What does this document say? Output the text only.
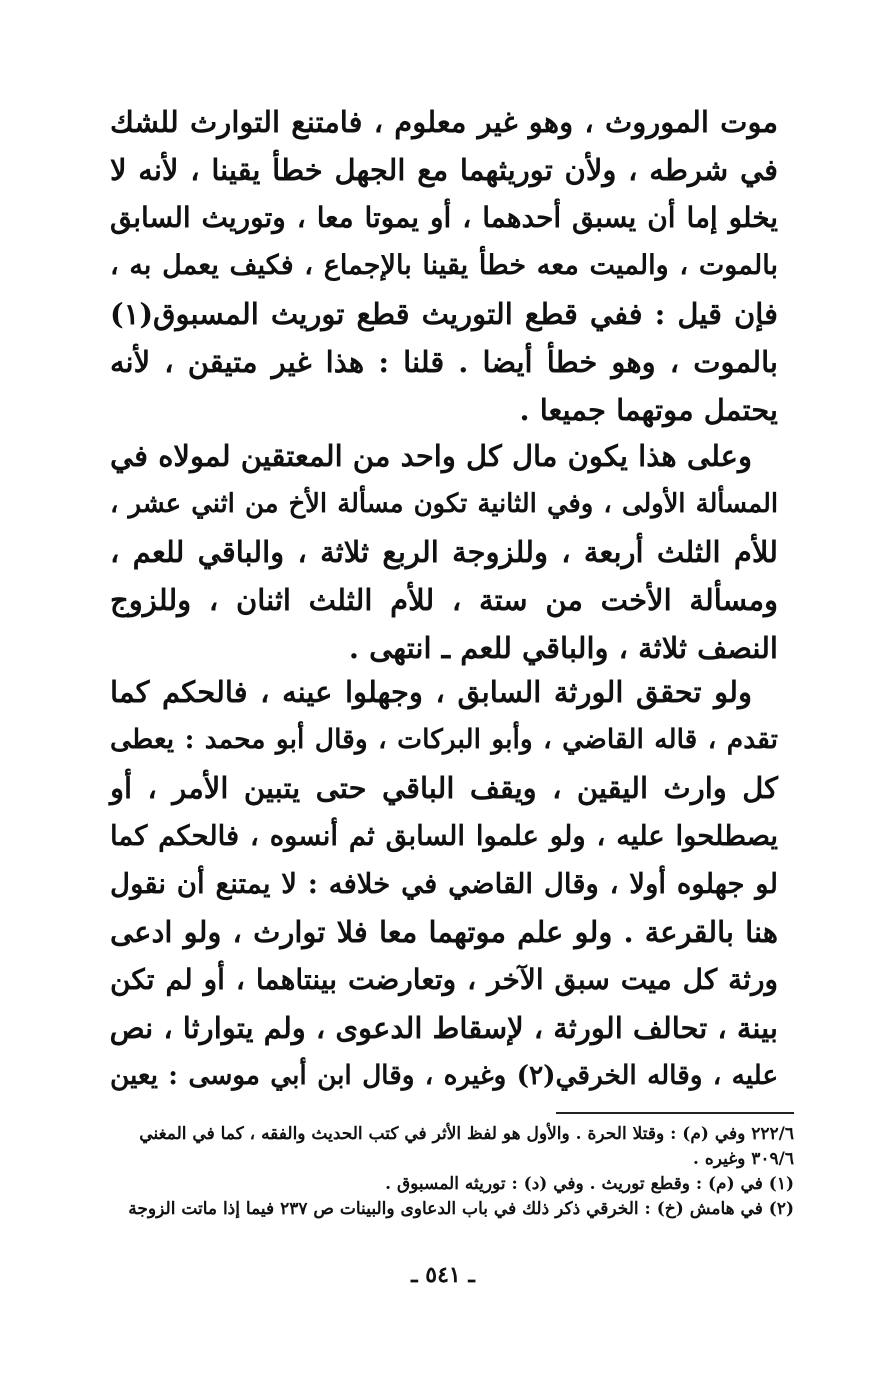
موت الموروث ، وهو غير معلوم ، فامتنع التوارث للشك
في شرطه ، ولأن توريثهما مع الجهل خطأ يقينا ، لأنه لا
يخلو إما أن يسبق أحدهما ، أو يموتا معا ، وتوريث السابق
بالموت ، والميت معه خطأ يقينا بالإجماع ، فكيف يعمل به ،
فإن قيل : ففي قطع التوريث قطع توريث المسبوق(١)
بالموت ، وهو خطأ أيضا . قلنا : هذا غير متيقن ، لأنه
يحتمل موتهما جميعا .
وعلى هذا يكون مال كل واحد من المعتقين لمولاه في
المسألة الأولى ، وفي الثانية تكون مسألة الأخ من اثني عشر ،
للأم الثلث أربعة ، وللزوجة الربع ثلاثة ، والباقي للعم ،
ومسألة الأخت من ستة ، للأم الثلث اثنان ، وللزوج
النصف ثلاثة ، والباقي للعم ـ انتهى .
ولو تحقق الورثة السابق ، وجهلوا عينه ، فالحكم كما
تقدم ، قاله القاضي ، وأبو البركات ، وقال أبو محمد : يعطى
كل وارث اليقين ، ويقف الباقي حتى يتبين الأمر ، أو
يصطلحوا عليه ، ولو علموا السابق ثم أنسوه ، فالحكم كما
لو جهلوه أولا ، وقال القاضي في خلافه : لا يمتنع أن نقول
هنا بالقرعة . ولو علم موتهما معا فلا توارث ، ولو ادعى
ورثة كل ميت سبق الآخر ، وتعارضت بينتاهما ، أو لم تكن
بينة ، تحالف الورثة ، لإسقاط الدعوى ، ولم يتوارثا ، نص
عليه ، وقاله الخرقي(٢) وغيره ، وقال ابن أبي موسى : يعين
٢٢٢/٦ وفي (م) : وقتلا الحرة . والأول هو لفظ الأثر في كتب الحديث والفقه ، كما في المغني
٣٠٩/٦ وغيره .
(١) في (م) : وقطع توريث . وفي (د) : توريثه المسبوق .
(٢) في هامش (خ) : الخرقي ذكر ذلك في باب الدعاوى والبينات ص ٢٣٧ فيما إذا ماتت الزوجة
ـ ٥٤١ ـ
